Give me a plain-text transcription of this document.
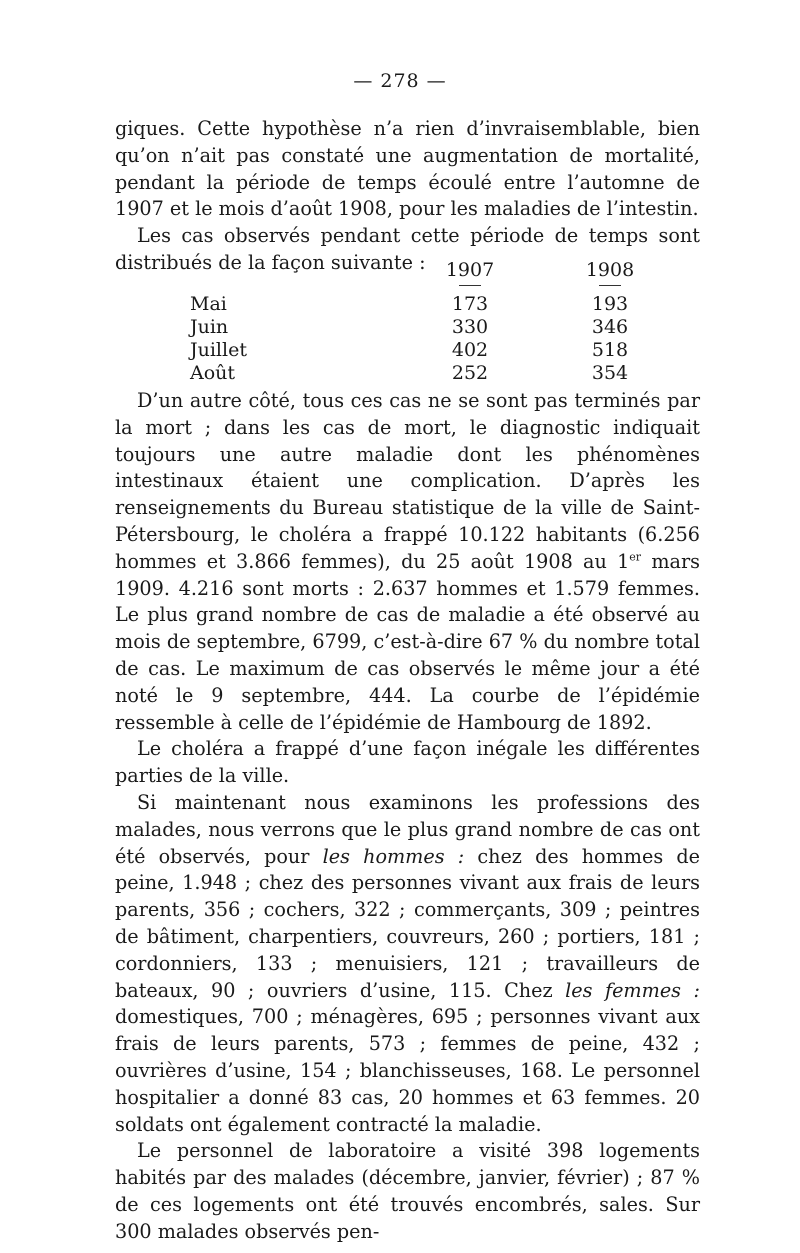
— 278 —

giques. Cette hypothèse n’a rien d’invraisemblable, bien qu’on n’ait pas constaté une augmentation de mortalité, pendant la période de temps écoulé entre l’automne de 1907 et le mois d’août 1908, pour les maladies de l’intestin.

Les cas observés pendant cette période de temps sont distribués de la façon suivante :	1907	1908
Mai	173	193
Juin	330	346
Juillet	402	518
Août	252	354

D’un autre côté, tous ces cas ne se sont pas terminés par la mort ; dans les cas de mort, le diagnostic indiquait toujours une autre maladie dont les phénomènes intestinaux étaient une complication. D’après les renseignements du Bureau statistique de la ville de Saint-Pétersbourg, le choléra a frappé 10.122 habitants (6.256 hommes et 3.866 femmes), du 25 août 1908 au 1er mars 1909. 4.216 sont morts : 2.637 hommes et 1.579 femmes. Le plus grand nombre de cas de maladie a été observé au mois de septembre, 6799, c’est-à-dire 67 % du nombre total de cas. Le maximum de cas observés le même jour a été noté le 9 septembre, 444. La courbe de l’épidémie ressemble à celle de l’épidémie de Hambourg de 1892.

Le choléra a frappé d’une façon inégale les différentes parties de la ville.

Si maintenant nous examinons les professions des malades, nous verrons que le plus grand nombre de cas ont été observés, pour les hommes : chez des hommes de peine, 1.948 ; chez des personnes vivant aux frais de leurs parents, 356 ; cochers, 322 ; commerçants, 309 ; peintres de bâtiment, charpentiers, couvreurs, 260 ; portiers, 181 ; cordonniers, 133 ; menuisiers, 121 ; travailleurs de bateaux, 90 ; ouvriers d’usine, 115. Chez les femmes : domestiques, 700 ; ménagères, 695 ; personnes vivant aux frais de leurs parents, 573 ; femmes de peine, 432 ; ouvrières d’usine, 154 ; blanchisseuses, 168. Le personnel hospitalier a donné 83 cas, 20 hommes et 63 femmes. 20 soldats ont également contracté la maladie.

Le personnel de laboratoire a visité 398 logements habités par des malades (décembre, janvier, février) ; 87 % de ces logements ont été trouvés encombrés, sales. Sur 300 malades observés pen-
